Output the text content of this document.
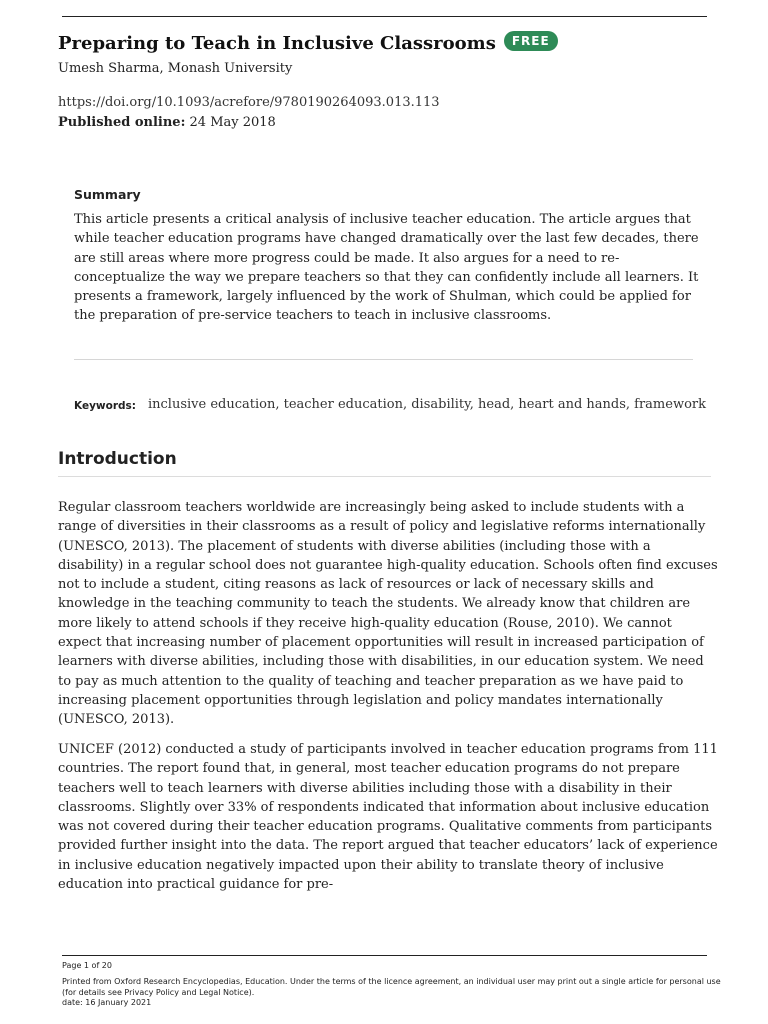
Preparing to Teach in Inclusive Classrooms	FREE
Umesh Sharma, Monash University
https://doi.org/10.1093/acrefore/9780190264093.013.113
Published online: 24 May 2018
Summary
This article presents a critical analysis of inclusive teacher education. The article argues that while teacher education programs have changed dramatically over the last few decades, there are still areas where more progress could be made. It also argues for a need to re-conceptualize the way we prepare teachers so that they can confidently include all learners. It presents a framework, largely influenced by the work of Shulman, which could be applied for the preparation of pre-service teachers to teach in inclusive classrooms.
Keywords: inclusive education, teacher education, disability, head, heart and hands, framework
Introduction
Regular classroom teachers worldwide are increasingly being asked to include students with a range of diversities in their classrooms as a result of policy and legislative reforms internationally (UNESCO, 2013). The placement of students with diverse abilities (including those with a disability) in a regular school does not guarantee high-quality education. Schools often find excuses not to include a student, citing reasons as lack of resources or lack of necessary skills and knowledge in the teaching community to teach the students. We already know that children are more likely to attend schools if they receive high-quality education (Rouse, 2010). We cannot expect that increasing number of placement opportunities will result in increased participation of learners with diverse abilities, including those with disabilities, in our education system. We need to pay as much attention to the quality of teaching and teacher preparation as we have paid to increasing placement opportunities through legislation and policy mandates internationally (UNESCO, 2013).
UNICEF (2012) conducted a study of participants involved in teacher education programs from 111 countries. The report found that, in general, most teacher education programs do not prepare teachers well to teach learners with diverse abilities including those with a disability in their classrooms. Slightly over 33% of respondents indicated that information about inclusive education was not covered during their teacher education programs. Qualitative comments from participants provided further insight into the data. The report argued that teacher educators’ lack of experience in inclusive education negatively impacted upon their ability to translate theory of inclusive education into practical guidance for pre-
Page 1 of 20
Printed from Oxford Research Encyclopedias, Education. Under the terms of the licence agreement, an individual user may print out a single article for personal use (for details see Privacy Policy and Legal Notice).
date: 16 January 2021
